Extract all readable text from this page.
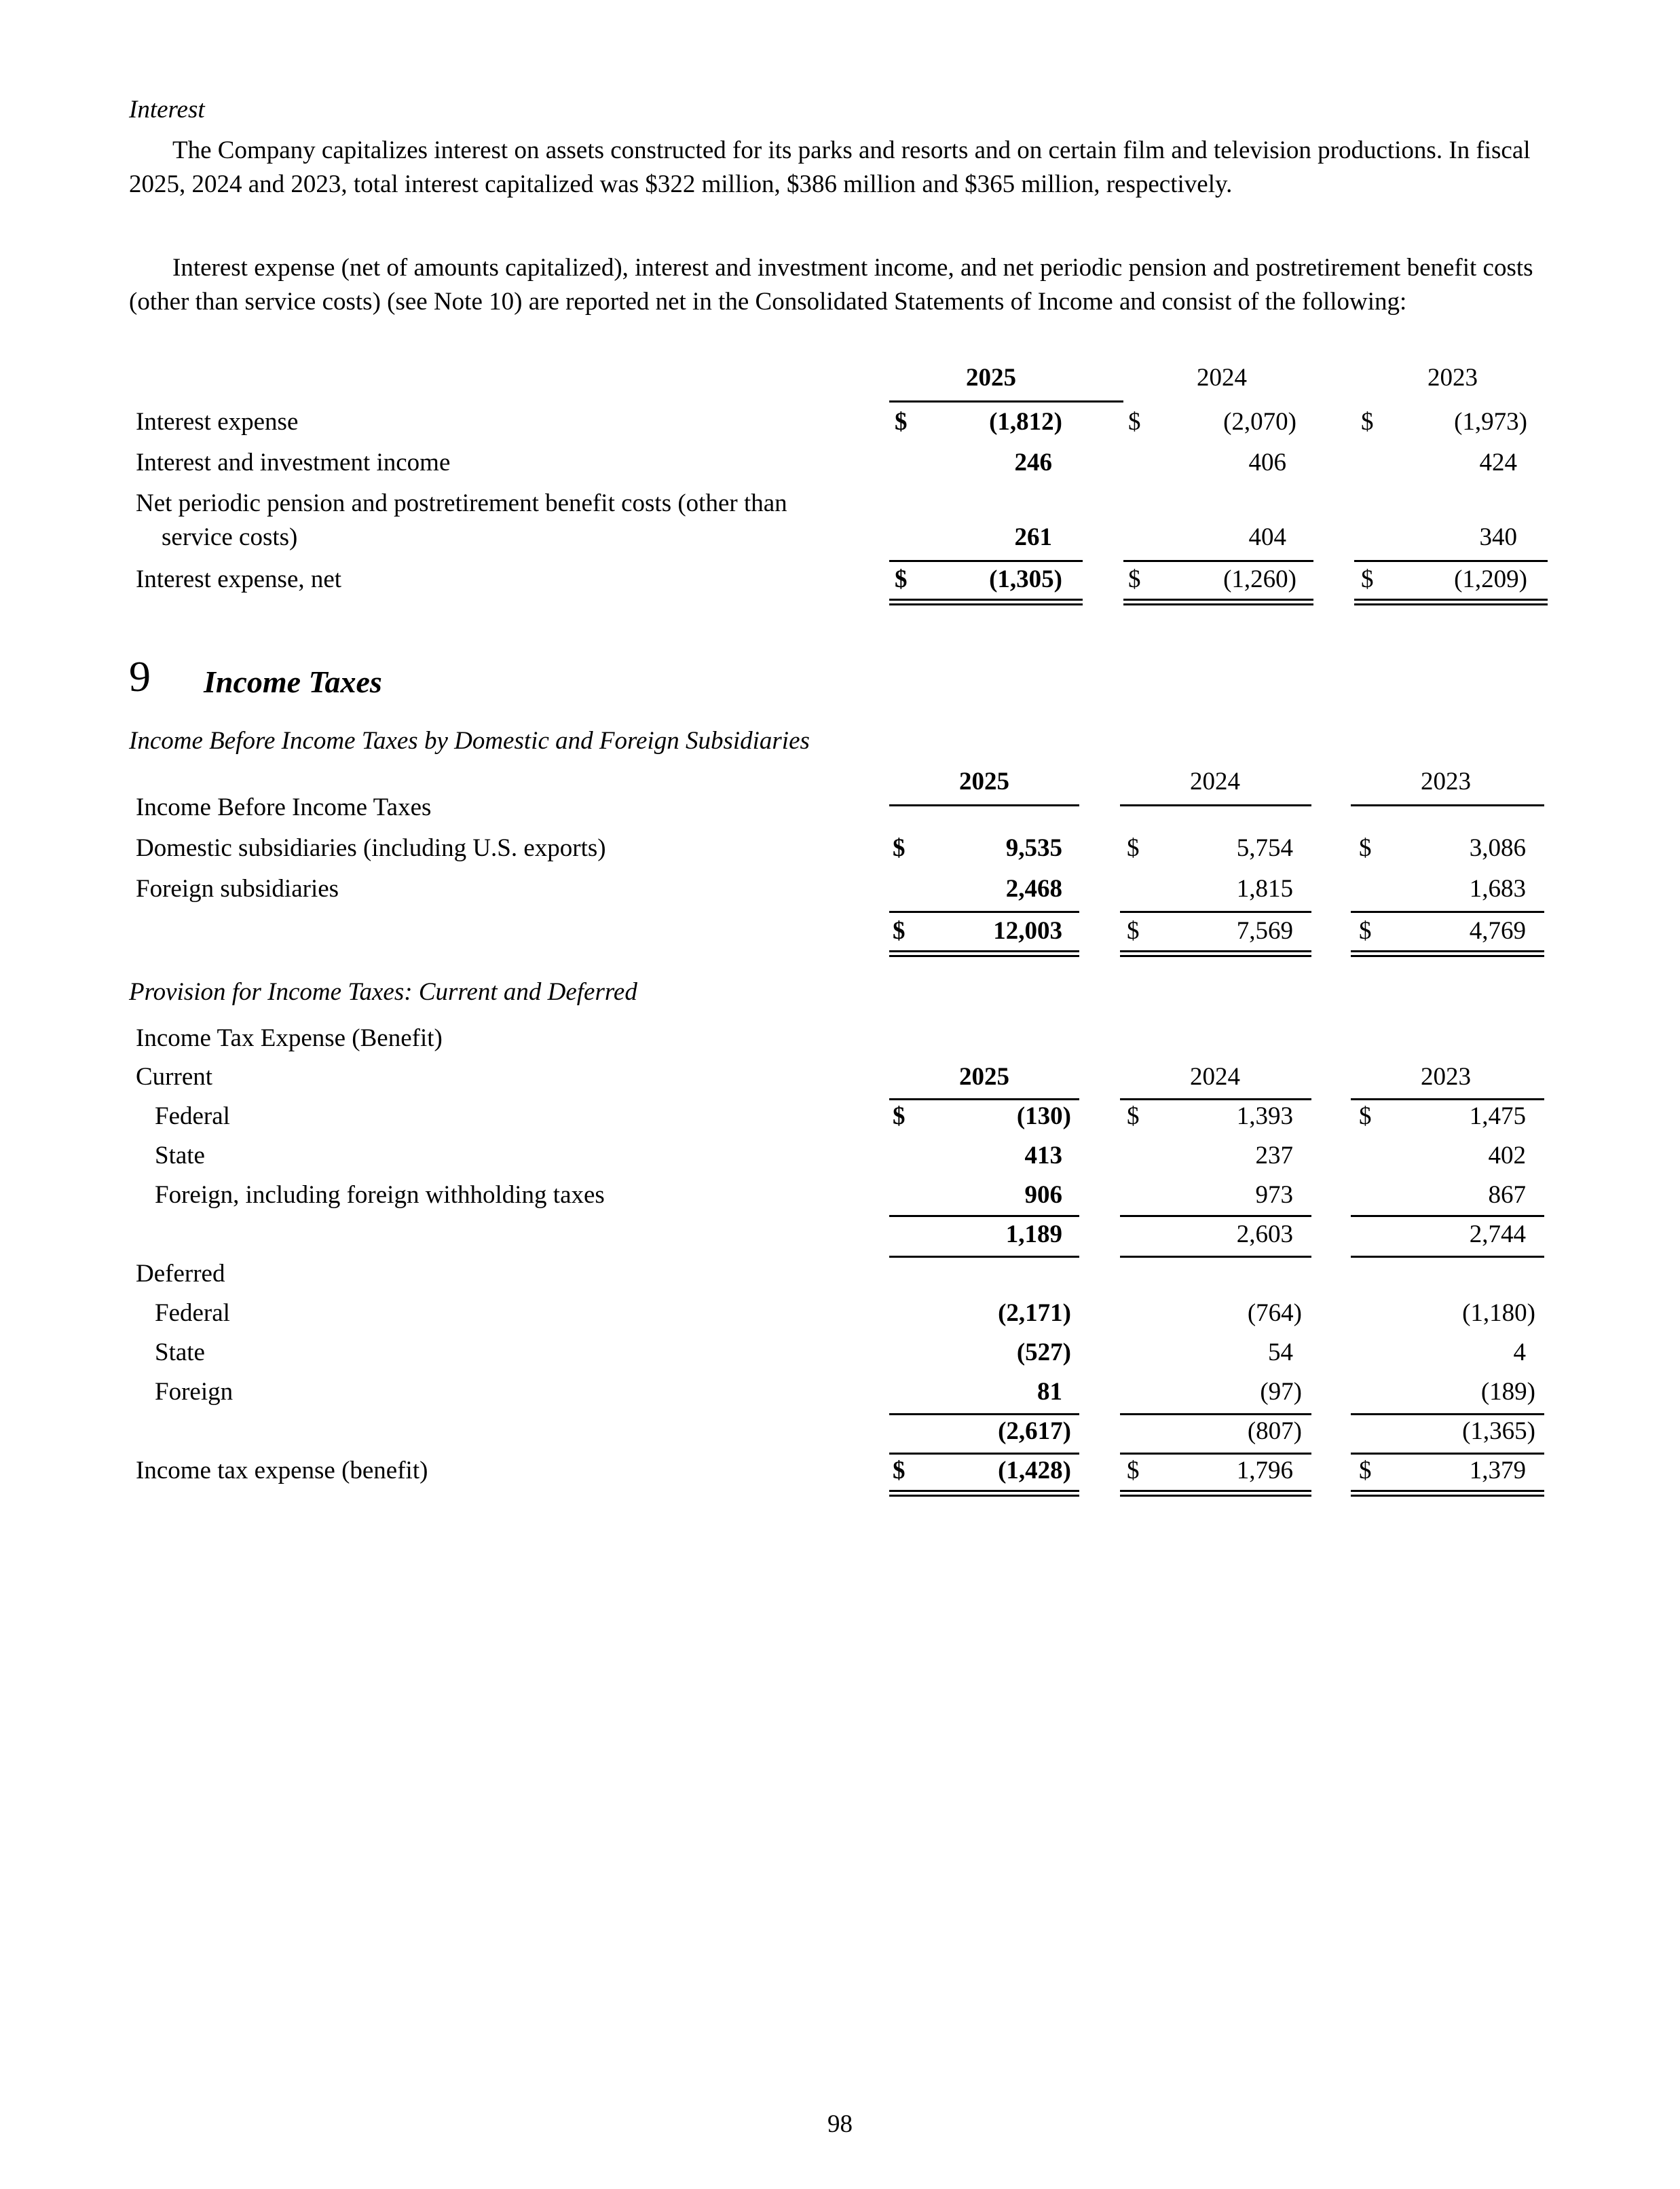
Interest

The Company capitalizes interest on assets constructed for its parks and resorts and on certain film and television productions. In fiscal 2025, 2024 and 2023, total interest capitalized was $322 million, $386 million and $365 million, respectively.

Interest expense (net of amounts capitalized), interest and investment income, and net periodic pension and postretirement benefit costs (other than service costs) (see Note 10) are reported net in the Consolidated Statements of Income and consist of the following:

2025	2024	2023
Interest expense	$	(1,812)	$	(2,070)	$	(1,973)
Interest and investment income	246	406	424
Net periodic pension and postretirement benefit costs (other than
service costs)	261	404	340
Interest expense, net	$	(1,305)	$	(1,260)	$	(1,209)
9 Income Taxes
Income Before Income Taxes by Domestic and Foreign Subsidiaries
2025	2024	2023
Income Before Income Taxes
Domestic subsidiaries (including U.S. exports)	$	9,535	$	5,754	$	3,086
Foreign subsidiaries	2,468	1,815	1,683
$	12,003	$	7,569	$	4,769
Provision for Income Taxes: Current and Deferred
Income Tax Expense (Benefit)
Current	2025	2024	2023
Federal	$	(130) $	1,393	$	1,475
State	413	237	402
Foreign, including foreign withholding taxes	906	973	867
1,189	2,603	2,744
Deferred
Federal	(2,171)	(764)	(1,180)
State	(527)	54	4
Foreign	81	(97)	(189)
(2,617)	(807)	(1,365)
Income tax expense (benefit)	$	(1,428) $	1,796	$	1,379
98
